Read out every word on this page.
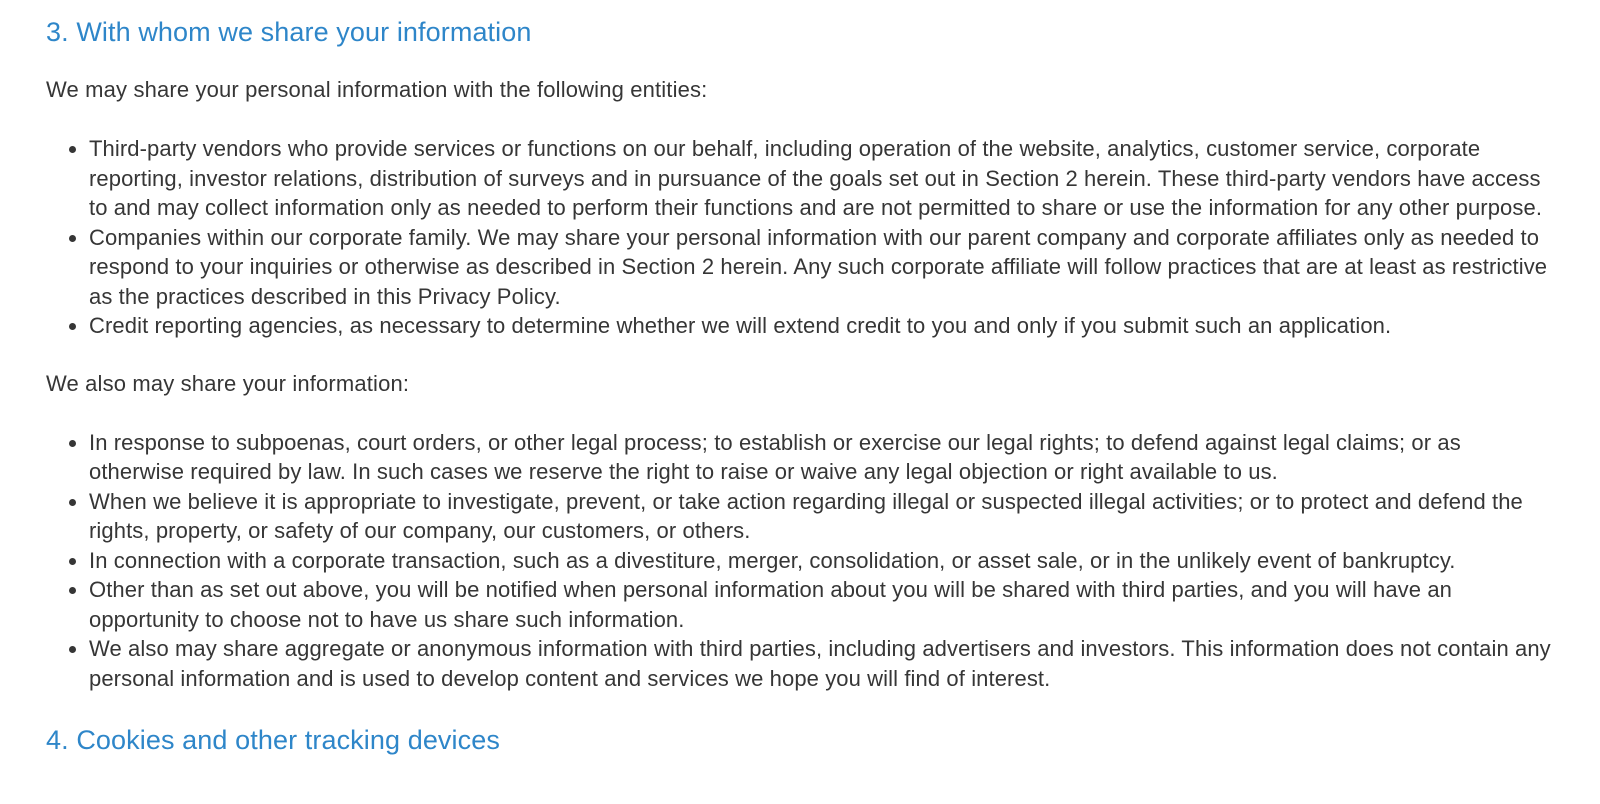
3. With whom we share your information

We may share your personal information with the following entities:

• Third-party vendors who provide services or functions on our behalf, including operation of the website, analytics, customer service, corporate reporting, investor relations, distribution of surveys and in pursuance of the goals set out in Section 2 herein. These third-party vendors have access to and may collect information only as needed to perform their functions and are not permitted to share or use the information for any other purpose.
• Companies within our corporate family. We may share your personal information with our parent company and corporate affiliates only as needed to respond to your inquiries or otherwise as described in Section 2 herein. Any such corporate affiliate will follow practices that are at least as restrictive as the practices described in this Privacy Policy.
• Credit reporting agencies, as necessary to determine whether we will extend credit to you and only if you submit such an application.

We also may share your information:

• In response to subpoenas, court orders, or other legal process; to establish or exercise our legal rights; to defend against legal claims; or as otherwise required by law. In such cases we reserve the right to raise or waive any legal objection or right available to us.
• When we believe it is appropriate to investigate, prevent, or take action regarding illegal or suspected illegal activities; or to protect and defend the rights, property, or safety of our company, our customers, or others.
• In connection with a corporate transaction, such as a divestiture, merger, consolidation, or asset sale, or in the unlikely event of bankruptcy.
• Other than as set out above, you will be notified when personal information about you will be shared with third parties, and you will have an opportunity to choose not to have us share such information.
• We also may share aggregate or anonymous information with third parties, including advertisers and investors. This information does not contain any personal information and is used to develop content and services we hope you will find of interest.
4. Cookies and other tracking devices
